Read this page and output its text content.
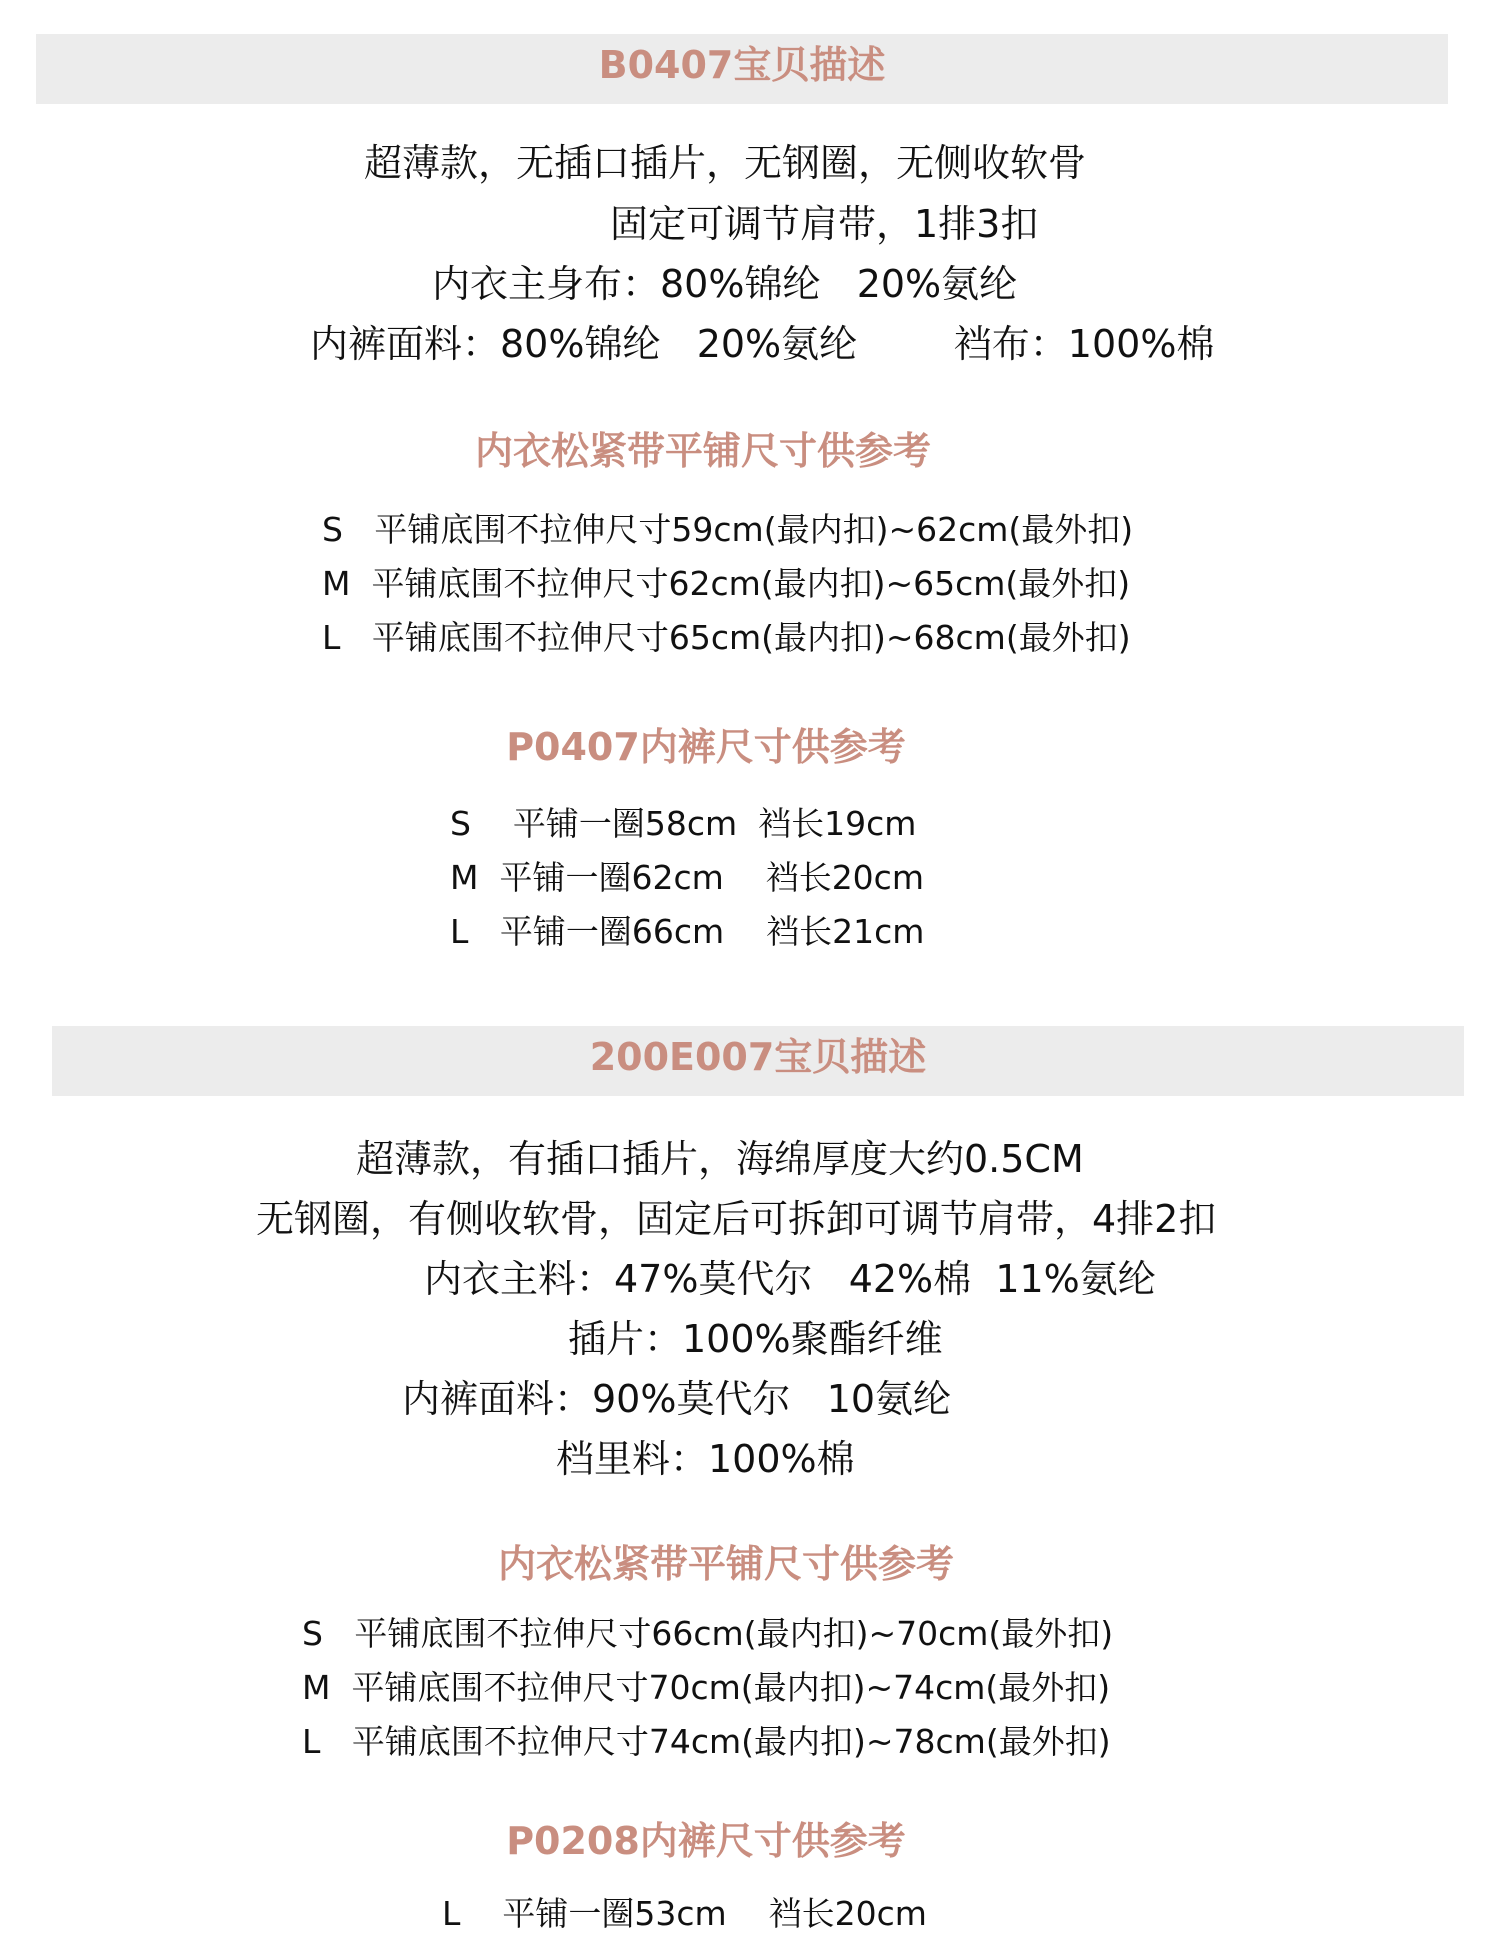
B0407宝贝描述
超薄款，无插口插片，无钢圈，无侧收软骨
固定可调节肩带，1排3扣
内衣主身布：80%锦纶   20%氨纶
内裤面料：80%锦纶   20%氨纶        裆布：100%棉
内衣松紧带平铺尺寸供参考
S   平铺底围不拉伸尺寸59cm(最内扣)~62cm(最外扣)
M  平铺底围不拉伸尺寸62cm(最内扣)~65cm(最外扣)
L   平铺底围不拉伸尺寸65cm(最内扣)~68cm(最外扣)
P0407内裤尺寸供参考
S    平铺一圈58cm  裆长19cm
M  平铺一圈62cm    裆长20cm
L   平铺一圈66cm    裆长21cm
200E007宝贝描述
超薄款，有插口插片，海绵厚度大约0.5CM
无钢圈，有侧收软骨，固定后可拆卸可调节肩带，4排2扣
内衣主料：47%莫代尔   42%棉  11%氨纶
插片：100%聚酯纤维
内裤面料：90%莫代尔   10氨纶
档里料：100%棉
内衣松紧带平铺尺寸供参考
S   平铺底围不拉伸尺寸66cm(最内扣)~70cm(最外扣)
M  平铺底围不拉伸尺寸70cm(最内扣)~74cm(最外扣)
L   平铺底围不拉伸尺寸74cm(最内扣)~78cm(最外扣)
P0208内裤尺寸供参考
L    平铺一圈53cm    裆长20cm
